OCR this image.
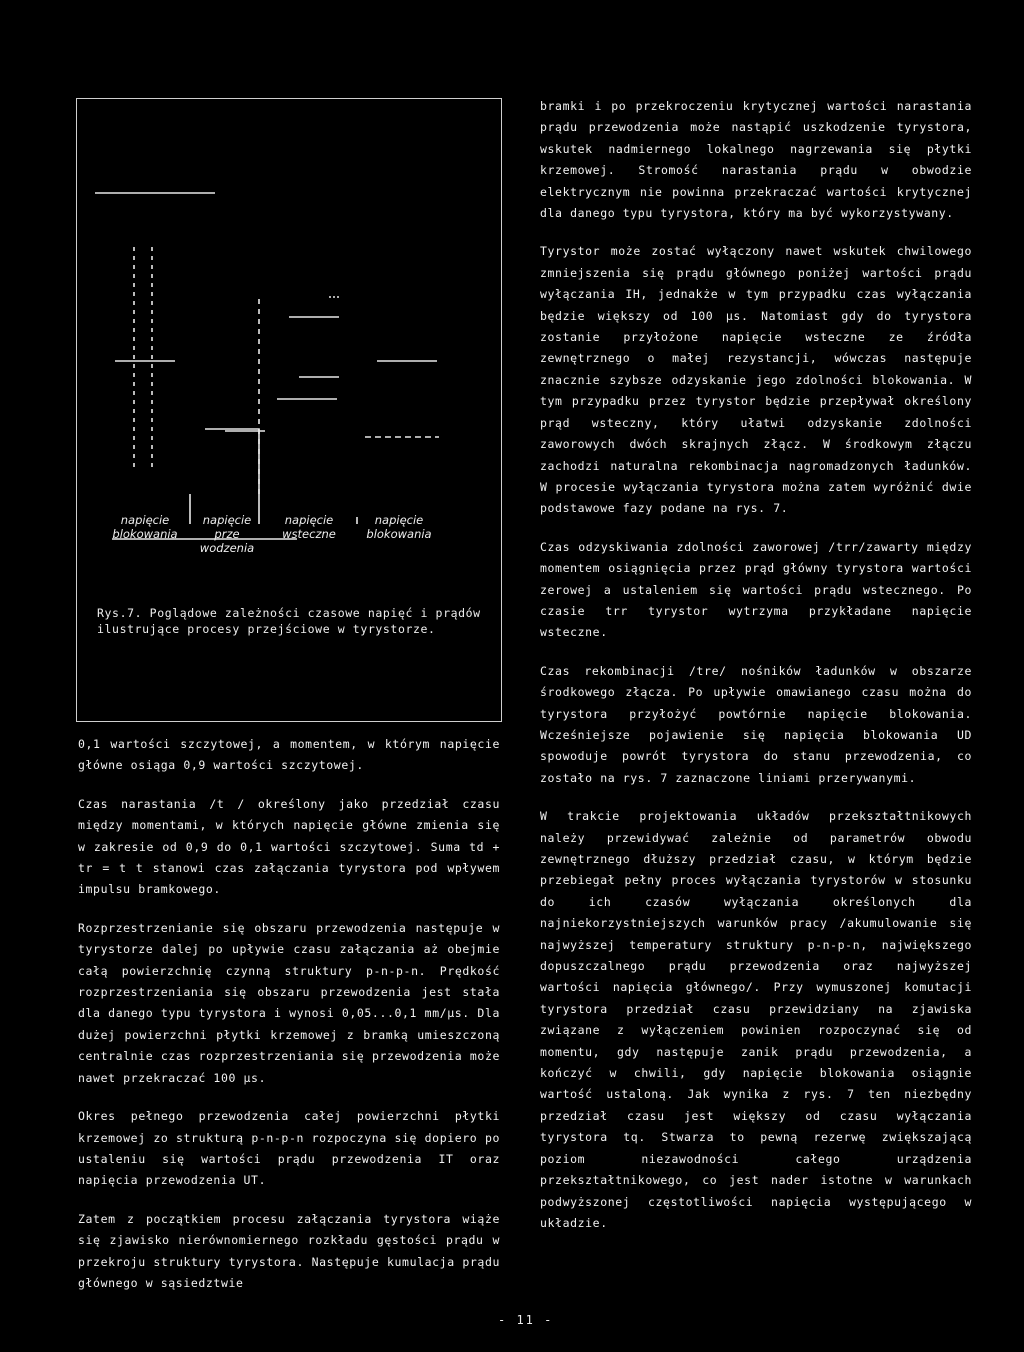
napięcie
blokowania
napięcie
prze
wodzenia
napięcie
wsteczne
napięcie
blokowania
Rys.7. Poglądowe zależności czasowe napięć i prądów ilustrujące procesy przejściowe w tyrystorze.

0,1 wartości szczytowej, a momentem, w którym napięcie główne osiąga 0,9 wartości szczytowej.

Czas narastania /t / określony jako przedział czasu między momentami, w których napięcie główne zmienia się w zakresie od 0,9 do 0,1 wartości szczytowej. Suma td + tr = t t stanowi czas załączania tyrystora pod wpływem impulsu bramkowego.

Rozprzestrzenianie się obszaru przewodzenia następuje w tyrystorze dalej po upływie czasu załączania aż obejmie całą powierzchnię czynną struktury p-n-p-n. Prędkość rozprzestrzeniania się obszaru przewodzenia jest stała dla danego typu tyrystora i wynosi 0,05...0,1 mm/μs. Dla dużej powierzchni płytki krzemowej z bramką umieszczoną centralnie czas rozprzestrzeniania się przewodzenia może nawet przekraczać 100 μs.

Okres pełnego przewodzenia całej powierzchni płytki krzemowej zo strukturą p-n-p-n rozpoczyna się dopiero po ustaleniu się wartości prądu przewodzenia IT oraz napięcia przewodzenia UT.

Zatem z początkiem procesu załączania tyrystora wiąże się zjawisko nierównomiernego rozkładu gęstości prądu w przekroju struktury tyrystora. Następuje kumulacja prądu głównego w sąsiedztwie

bramki i po przekroczeniu krytycznej wartości narastania prądu przewodzenia może nastąpić uszkodzenie tyrystora, wskutek nadmiernego lokalnego nagrzewania się płytki krzemowej. Stromość narastania prądu w obwodzie elektrycznym nie powinna przekraczać wartości krytycznej dla danego typu tyrystora, który ma być wykorzystywany.

Tyrystor może zostać wyłączony nawet wskutek chwilowego zmniejszenia się prądu głównego poniżej wartości prądu wyłączania IH, jednakże w tym przypadku czas wyłączania będzie większy od 100 μs. Natomiast gdy do tyrystora zostanie przyłożone napięcie wsteczne ze źródła zewnętrznego o małej rezystancji, wówczas następuje znacznie szybsze odzyskanie jego zdolności blokowania. W tym przypadku przez tyrystor będzie przepływał określony prąd wsteczny, który ułatwi odzyskanie zdolności zaworowych dwóch skrajnych złącz. W środkowym złączu zachodzi naturalna rekombinacja nagromadzonych ładunków. W procesie wyłączania tyrystora można zatem wyróżnić dwie podstawowe fazy podane na rys. 7.

Czas odzyskiwania zdolności zaworowej /trr/zawarty między momentem osiągnięcia przez prąd główny tyrystora wartości zerowej a ustaleniem się wartości prądu wstecznego. Po czasie trr tyrystor wytrzyma przykładane napięcie wsteczne.

Czas rekombinacji /tre/ nośników ładunków w obszarze środkowego złącza. Po upływie omawianego czasu można do tyrystora przyłożyć powtórnie napięcie blokowania. Wcześniejsze pojawienie się napięcia blokowania UD spowoduje powrót tyrystora do stanu przewodzenia, co zostało na rys. 7 zaznaczone liniami przerywanymi.

W trakcie projektowania układów przekształtnikowych należy przewidywać zależnie od parametrów obwodu zewnętrznego dłuższy przedział czasu, w którym będzie przebiegał pełny proces wyłączania tyrystorów w stosunku do ich czasów wyłączania określonych dla najniekorzystniejszych warunków pracy /akumulowanie się najwyższej temperatury struktury p-n-p-n, największego dopuszczalnego prądu przewodzenia oraz najwyższej wartości napięcia głównego/. Przy wymuszonej komutacji tyrystora przedział czasu przewidziany na zjawiska związane z wyłączeniem powinien rozpoczynać się od momentu, gdy następuje zanik prądu przewodzenia, a kończyć w chwili, gdy napięcie blokowania osiągnie wartość ustaloną. Jak wynika z rys. 7 ten niezbędny przedział czasu jest większy od czasu wyłączania tyrystora tq. Stwarza to pewną rezerwę zwiększającą poziom niezawodności całego urządzenia przekształtnikowego, co jest nader istotne w warunkach podwyższonej częstotliwości napięcia występującego w układzie.

- 11 -
